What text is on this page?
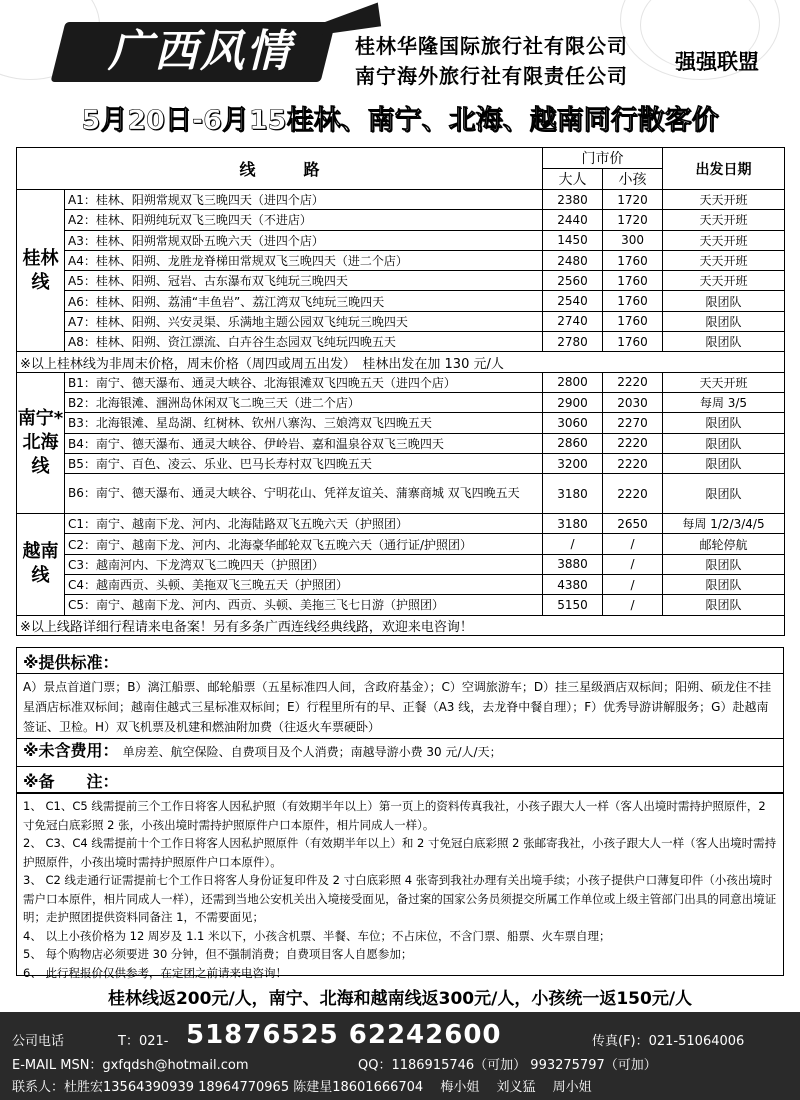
广西风情	桂林华隆国际旅行社有限公司
南宁海外旅行社有限责任公司
强强联盟
5月20日-6月15桂林、南宁、北海、越南同行散客价
线　　　路		门市价		出发日期
		大人	小孩	
桂林线	A1：桂林、阳朔常规双飞三晚四天（进四个店）	2380	1720	天天开班
	A2：桂林、阳朔纯玩双飞三晚四天（不进店）	2440	1720	天天开班
	A3：桂林、阳朔常规双卧五晚六天（进四个店）	1450	300	天天开班
	A4：桂林、阳朔、龙胜龙脊梯田常规双飞三晚四天（进二个店）	2480	1760	天天开班
	A5：桂林、阳朔、冠岩、古东瀑布双飞纯玩三晚四天	2560	1760	天天开班
	A6：桂林、阳朔、荔浦“丰鱼岩”、荔江湾双飞纯玩三晚四天	2540	1760	限团队
	A7：桂林、阳朔、兴安灵渠、乐满地主题公园双飞纯玩三晚四天	2740	1760	限团队
	A8：桂林、阳朔、资江漂流、白卉谷生态园双飞纯玩四晚五天	2780	1760	限团队
※以上桂林线为非周末价格，周末价格（周四或周五出发）　桂林出发在加 130 元/人				
南宁*北海线	B1：南宁、德天瀑布、通灵大峡谷、北海银滩双飞四晚五天（进四个店）	2800	2220	天天开班
	B2：北海银滩、涠洲岛休闲双飞二晚三天（进二个店）	2900	2030	每周 3/5
	B3：北海银滩、星岛湖、红树林、钦州八寨沟、三娘湾双飞四晚五天	3060	2270	限团队
	B4：南宁、德天瀑布、通灵大峡谷、伊岭岩、嘉和温泉谷双飞三晚四天	2860	2220	限团队
	B5：南宁、百色、凌云、乐业、巴马长寿村双飞四晚五天	3200	2220	限团队
	B6：南宁、德天瀑布、通灵大峡谷、宁明花山、凭祥友谊关、蒲寨商城 双飞四晚五天	3180	2220	限团队
越南线	C1：南宁、越南下龙、河内、北海陆路双飞五晚六天（护照团）	3180	2650	每周 1/2/3/4/5
	C2：南宁、越南下龙、河内、北海豪华邮轮双飞五晚六天（通行证/护照团）	/	/	邮轮停航
	C3：越南河内、下龙湾双飞二晚四天（护照团）	3880	/	限团队
	C4：越南西贡、头顿、美拖双飞三晚五天（护照团）	4380	/	限团队
	C5：南宁、越南下龙、河内、西贡、头顿、美拖三飞七日游（护照团）	5150	/	限团队
※以上线路详细行程请来电备案！另有多条广西连线经典线路，欢迎来电咨询！				
※提供标准：
A）景点首道门票；B）漓江船票、邮轮船票（五星标准四人间，含政府基金）；C）空调旅游车；D）挂三星级酒店双标间；阳朔、硕龙住不挂星酒店标准双标间；越南住越式三星标准双标间；E）行程里所有的早、正餐（A3 线，去龙脊中餐自理）；F）优秀导游讲解服务；G）赴越南签证、卫检。H）双飞机票及机建和燃油附加费（往返火车票硬卧）
※未含费用：　 单房差、航空保险、自费项目及个人消费；南越导游小费 30 元/人/天；
※备　　注：
1、 C1、C5 线需提前三个工作日将客人因私护照（有效期半年以上）第一页上的资料传真我社，小孩子跟大人一样（客人出境时需持护照原件，2 寸免冠白底彩照 2 张，小孩出境时需持护照原件户口本原件，相片同成人一样）。
2、 C3、C4 线需提前十个工作日将客人因私护照原件（有效期半年以上）和 2 寸免冠白底彩照 2 张邮寄我社，小孩子跟大人一样（客人出境时需持护照原件，小孩出境时需持护照原件户口本原件）。
3、 C2 线走通行证需提前七个工作日将客人身份证复印件及 2 寸白底彩照 4 张寄到我社办理有关出境手续；小孩子提供户口薄复印件（小孩出境时需户口本原件，相片同成人一样），还需到当地公安机关出入境接受面见，备过案的国家公务员须提交所属工作单位或上级主管部门出具的同意出境证明；走护照团提供资料同备注 1，不需要面见；
4、 以上小孩价格为 12 周岁及 1.1 米以下，小孩含机票、半餐、车位；不占床位，不含门票、船票、火车票自理；
5、 每个购物店必须要进 30 分钟，但不强制消费；自费项目客人自愿参加；
6、 此行程报价仅供参考，在定团之前请来电咨询！
桂林线返200元/人，南宁、北海和越南线返300元/人，小孩统一返150元/人
公司电话	T：021- 51876525 62242600	传真(F)：021-51064006
E-MAIL MSN：gxfqdsh@hotmail.com	QQ：1186915746（可加） 993275797（可加）
联系人：杜胜宏13564390939 18964770965 陈建星18601666704　 梅小姐　 刘义猛　 周小姐
